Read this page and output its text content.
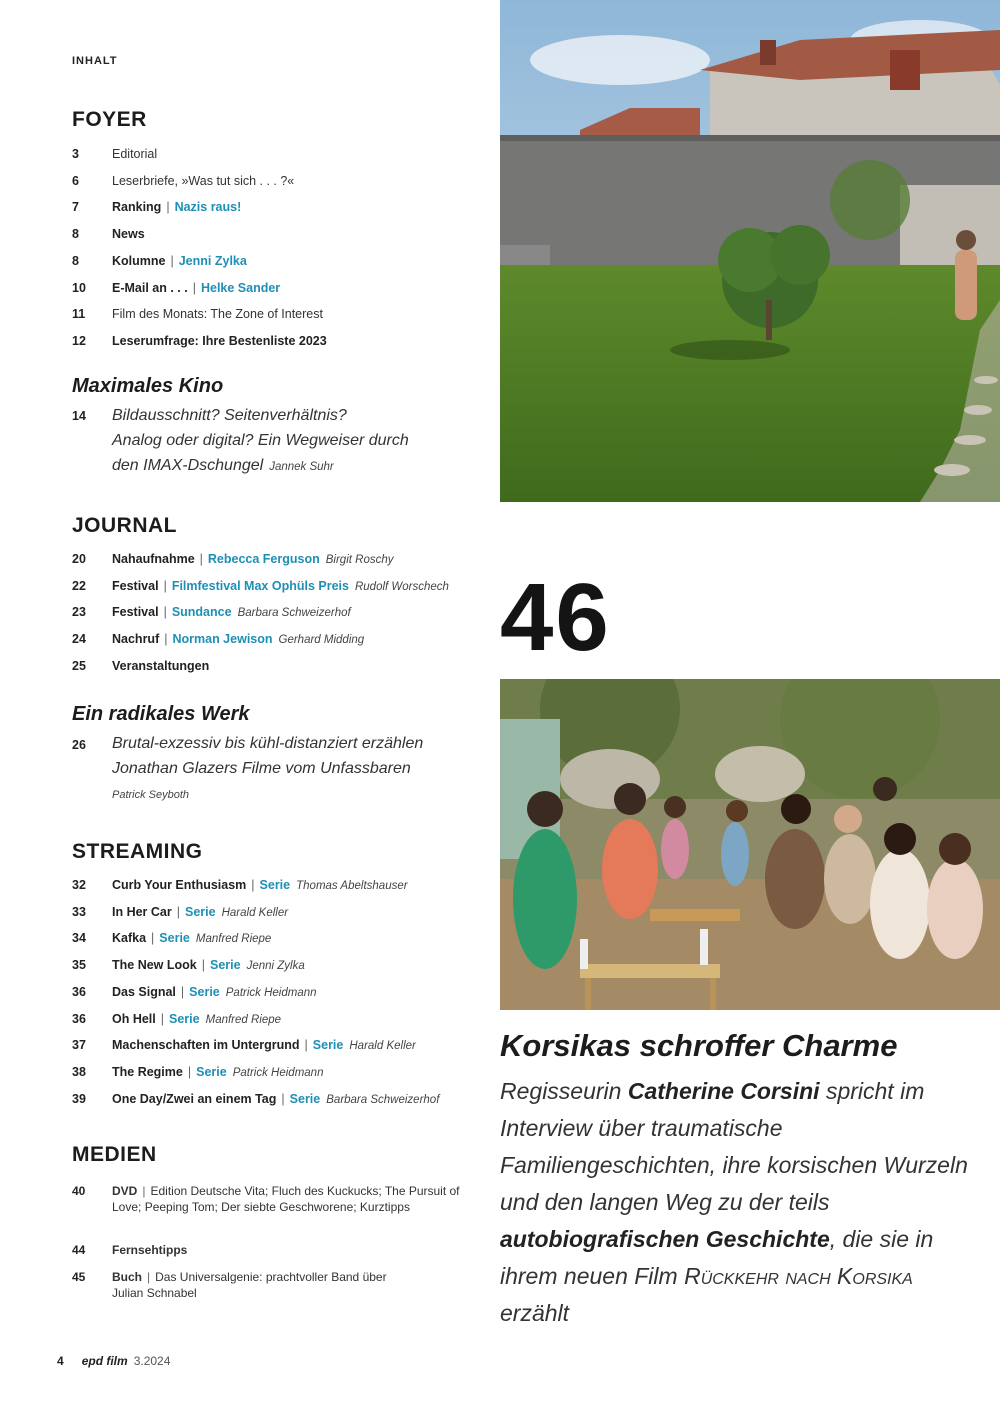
INHALT
FOYER
3	Editorial
6	Leserbriefe, »Was tut sich . . . ?«
7	Ranking | Nazis raus!
8	News
8	Kolumne | Jenni Zylka
10	E-Mail an . . . | Helke Sander
11	Film des Monats: The Zone of Interest
12	Leserumfrage: Ihre Bestenliste 2023
Maximales Kino
14 Bildausschnitt? Seitenverhältnis?
Analog oder digital? Ein Wegweiser durch
den IMAX-Dschungel Jannek Suhr
JOURNAL
20	Nahaufnahme | Rebecca Ferguson Birgit Roschy
22	Festival | Filmfestival Max Ophüls Preis Rudolf Worschech
23	Festival | Sundance Barbara Schweizerhof
24	Nachruf | Norman Jewison Gerhard Midding
25	Veranstaltungen
Ein radikales Werk
26 Brutal-exzessiv bis kühl-distanziert erzählen
Jonathan Glazers Filme vom Unfassbaren
Patrick Seyboth
STREAMING
32	Curb Your Enthusiasm | Serie Thomas Abeltshauser
33	In Her Car | Serie Harald Keller
34	Kafka | Serie Manfred Riepe
35	The New Look | Serie Jenni Zylka
36	Das Signal | Serie Patrick Heidmann
36	Oh Hell | Serie Manfred Riepe
37	Machenschaften im Untergrund | Serie Harald Keller
38	The Regime | Serie Patrick Heidmann
39	One Day/Zwei an einem Tag | Serie Barbara Schweizerhof
MEDIEN
40 DVD | Edition Deutsche Vita; Fluch des Kuckucks; The Pursuit of Love; Peeping Tom; Der siebte Geschworene; Kurztipps
44 Fernsehtipps
45 Buch | Das Universalgenie: prachtvoller Band über Julian Schnabel
46
Korsikas schroffer Charme
Regisseurin Catherine Corsini spricht im Interview über traumatische Familiengeschichten, ihre korsischen Wurzeln und den langen Weg zu der teils autobiografischen Geschichte, die sie in ihrem neuen Film Rückkehr nach Korsika erzählt
4 epd film 3.2024
